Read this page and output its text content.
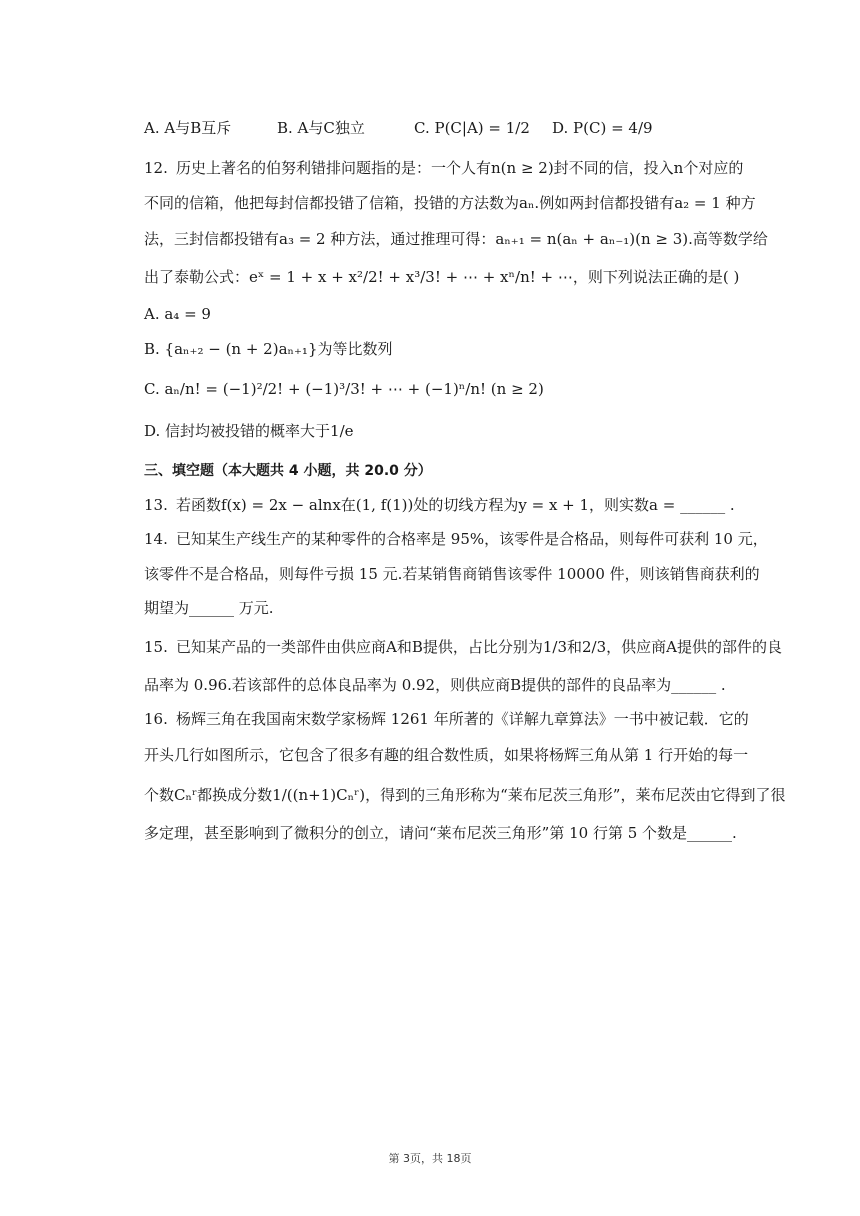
A. A与B互斥	B. A与C独立	C. P(C|A) = 1/2 D. P(C) = 4/9
12. 历史上著名的伯努利错排问题指的是：一个人有n(n ≥ 2)封不同的信，投入n个对应的
不同的信箱，他把每封信都投错了信箱，投错的方法数为aₙ.例如两封信都投错有a₂ = 1 种方
法，三封信都投错有a₃ = 2 种方法，通过推理可得：aₙ₊₁ = n(aₙ + aₙ₋₁)(n ≥ 3).高等数学给
出了泰勒公式：eˣ = 1 + x + x²/2! + x³/3! + ⋯ + xⁿ/n! + ⋯，则下列说法正确的是( )
A. a₄ = 9
B. {aₙ₊₂ − (n + 2)aₙ₊₁}为等比数列
C. aₙ/n! = (−1)²/2! + (−1)³/3! + ⋯ + (−1)ⁿ/n! (n ≥ 2)
D. 信封均被投错的概率大于1/e
三、填空题（本大题共 4 小题，共 20.0 分）
13. 若函数f(x) = 2x − alnx在(1, f(1))处的切线方程为y = x + 1，则实数a = ______ .
14. 已知某生产线生产的某种零件的合格率是 95%，该零件是合格品，则每件可获利 10 元，
该零件不是合格品，则每件亏损 15 元.若某销售商销售该零件 10000 件，则该销售商获利的
期望为______ 万元.
15. 已知某产品的一类部件由供应商A和B提供，占比分别为1/3和2/3，供应商A提供的部件的良
品率为 0.96.若该部件的总体良品率为 0.92，则供应商B提供的部件的良品率为______ .
16. 杨辉三角在我国南宋数学家杨辉 1261 年所著的《详解九章算法》一书中被记载．它的
开头几行如图所示，它包含了很多有趣的组合数性质，如果将杨辉三角从第 1 行开始的每一
个数Cₙʳ都换成分数1/((n+1)Cₙʳ)，得到的三角形称为“莱布尼茨三角形”，莱布尼茨由它得到了很
多定理，甚至影响到了微积分的创立，请问“莱布尼茨三角形”第 10 行第 5 个数是______.
第 3页，共 18页
